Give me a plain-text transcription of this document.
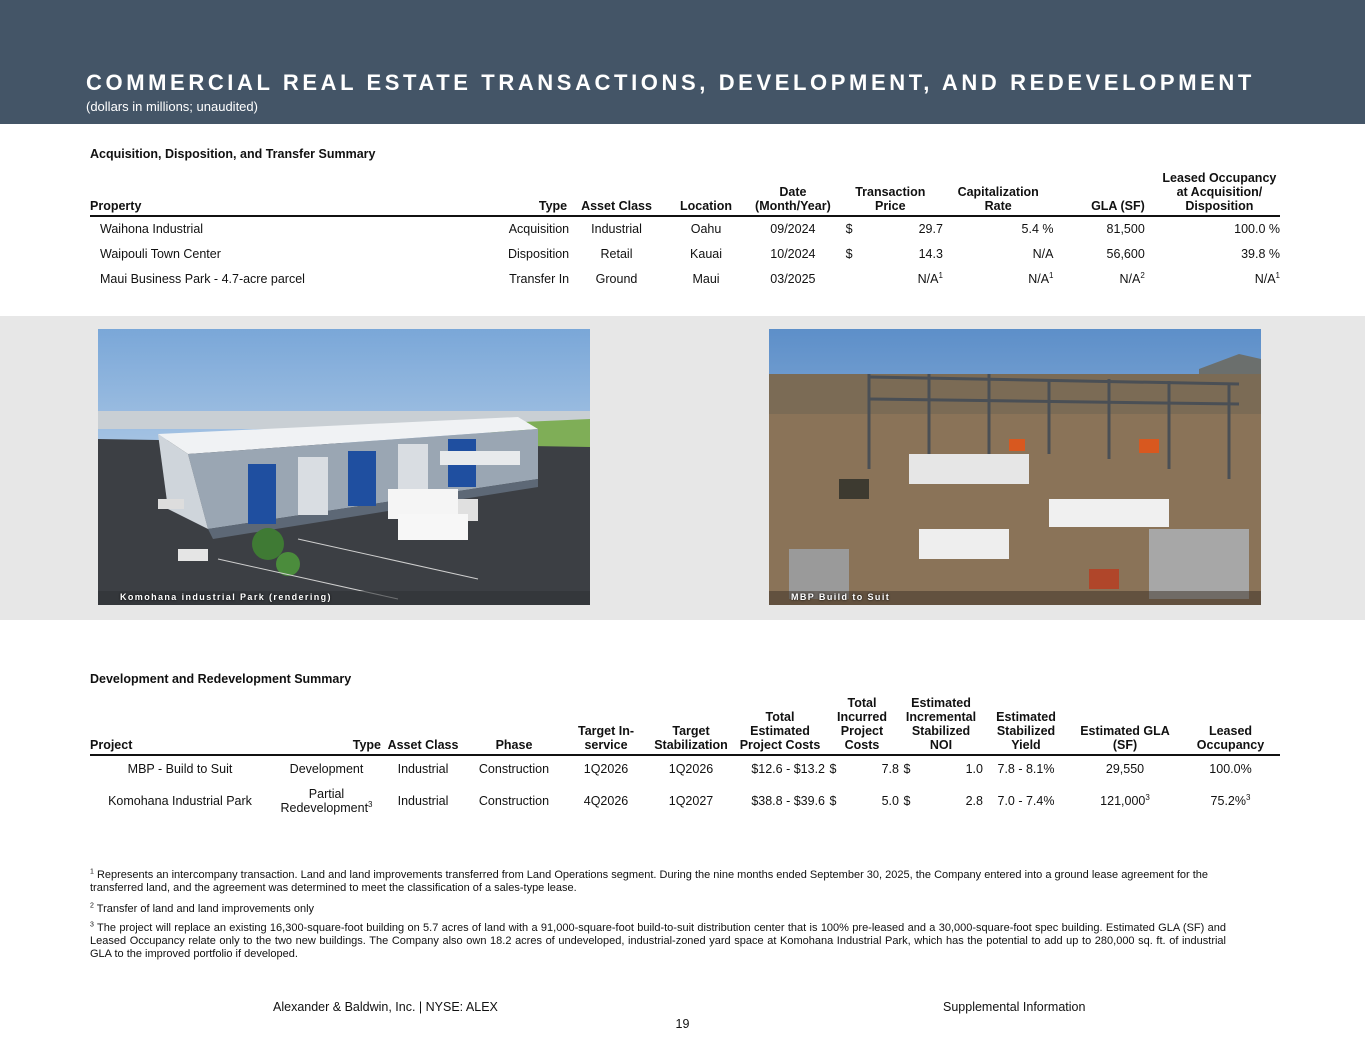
COMMERCIAL REAL ESTATE TRANSACTIONS, DEVELOPMENT, AND REDEVELOPMENT
(dollars in millions; unaudited)
Acquisition, Disposition, and Transfer Summary
Property	Type	Asset Class	Location	Date (Month/Year)	Transaction Price		Capitalization Rate	GLA (SF)	Leased Occupancy at Acquisition/ Disposition
Waihona Industrial	Acquisition	Industrial	Oahu	09/2024	$	29.7	5.4 %	81,500	100.0 %
Waipouli Town Center	Disposition	Retail	Kauai	10/2024	$	14.3	N/A	56,600	39.8 %
Maui Business Park - 4.7-acre parcel	Transfer In	Ground	Maui	03/2025		$N/A^1$	$N/A^1$	$N/A^2$	$N/A^1$
Komohana industrial Park (rendering)	MBP Build to Suit
Development and Redevelopment Summary
Project	Type	Asset Class	Phase	Target In-service	Target Stabilization	Total Estimated Project Costs	Total Incurred Project Costs		Estimated Incremental Stabilized NOI		Estimated Stabilized Yield	Estimated GLA (SF)	Leased Occupancy
MBP - Build to Suit	Development	Industrial	Construction	1Q2026	1Q2026	$12.6 - $13.2	$	7.8	$	1.0	7.8 - 8.1%	29,550	100.0%
Komohana Industrial Park	Partial Redevelopment$^3$	Industrial	Construction	4Q2026	1Q2027	$38.8 - $39.6	$	5.0	$	2.8	7.0 - 7.4%	121,000$^3$	75.2%$^3$
$^1$ Represents an intercompany transaction. Land and land improvements transferred from Land Operations segment. During the nine months ended September 30, 2025, the Company entered into a ground lease agreement for the transferred land, and the agreement was determined to meet the classification of a sales-type lease.
$^2$ Transfer of land and land improvements only
$^3$ The project will replace an existing 16,300-square-foot building on 5.7 acres of land with a 91,000-square-foot build-to-suit distribution center that is 100% pre-leased and a 30,000-square-foot spec building. Estimated GLA (SF) and Leased Occupancy relate only to the two new buildings. The Company also own 18.2 acres of undeveloped, industrial-zoned yard space at Komohana Industrial Park, which has the potential to add up to 280,000 sq. ft. of industrial GLA to the improved portfolio if developed.
Alexander & Baldwin, Inc. | NYSE: ALEX	Supplemental Information
19
